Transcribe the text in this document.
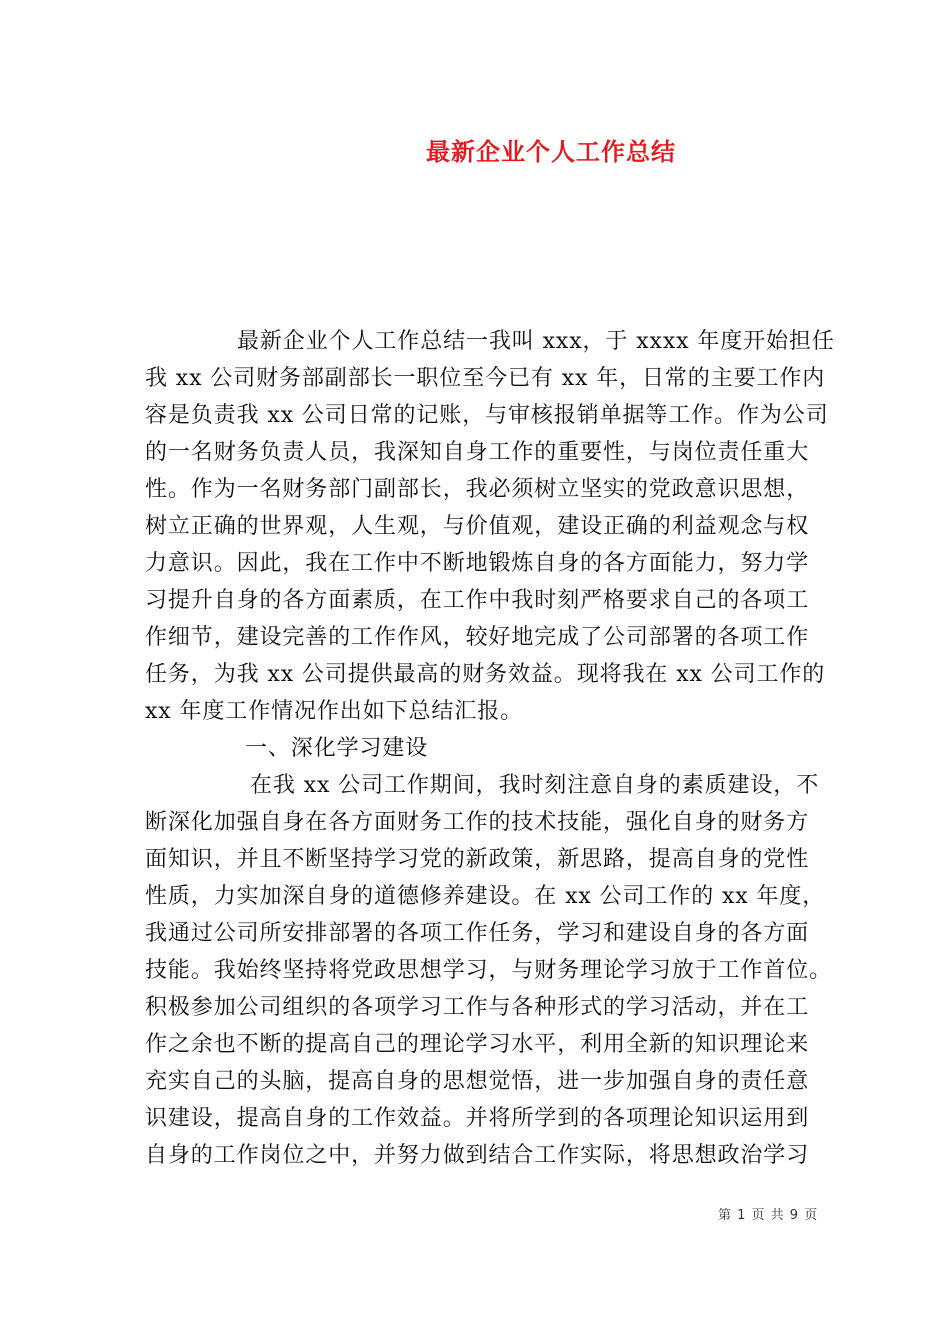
最新企业个人工作总结
最新企业个人工作总结一我叫 xxx，于 xxxx 年度开始担任
我 xx 公司财务部副部长一职位至今已有 xx 年，日常的主要工作内
容是负责我 xx 公司日常的记账，与审核报销单据等工作。作为公司
的一名财务负责人员，我深知自身工作的重要性，与岗位责任重大
性。作为一名财务部门副部长，我必须树立坚实的党政意识思想，
树立正确的世界观，人生观，与价值观，建设正确的利益观念与权
力意识。因此，我在工作中不断地锻炼自身的各方面能力，努力学
习提升自身的各方面素质，在工作中我时刻严格要求自己的各项工
作细节，建设完善的工作作风，较好地完成了公司部署的各项工作
任务，为我 xx 公司提供最高的财务效益。现将我在 xx 公司工作的
xx 年度工作情况作出如下总结汇报。
一、深化学习建设
在我 xx 公司工作期间，我时刻注意自身的素质建设，不
断深化加强自身在各方面财务工作的技术技能，强化自身的财务方
面知识，并且不断坚持学习党的新政策，新思路，提高自身的党性
性质，力实加深自身的道德修养建设。在 xx 公司工作的 xx 年度，
我通过公司所安排部署的各项工作任务，学习和建设自身的各方面
技能。我始终坚持将党政思想学习，与财务理论学习放于工作首位。
积极参加公司组织的各项学习工作与各种形式的学习活动，并在工
作之余也不断的提高自己的理论学习水平，利用全新的知识理论来
充实自己的头脑，提高自身的思想觉悟，进一步加强自身的责任意
识建设，提高自身的工作效益。并将所学到的各项理论知识运用到
自身的工作岗位之中，并努力做到结合工作实际，将思想政治学习
第 1 页 共 9 页
